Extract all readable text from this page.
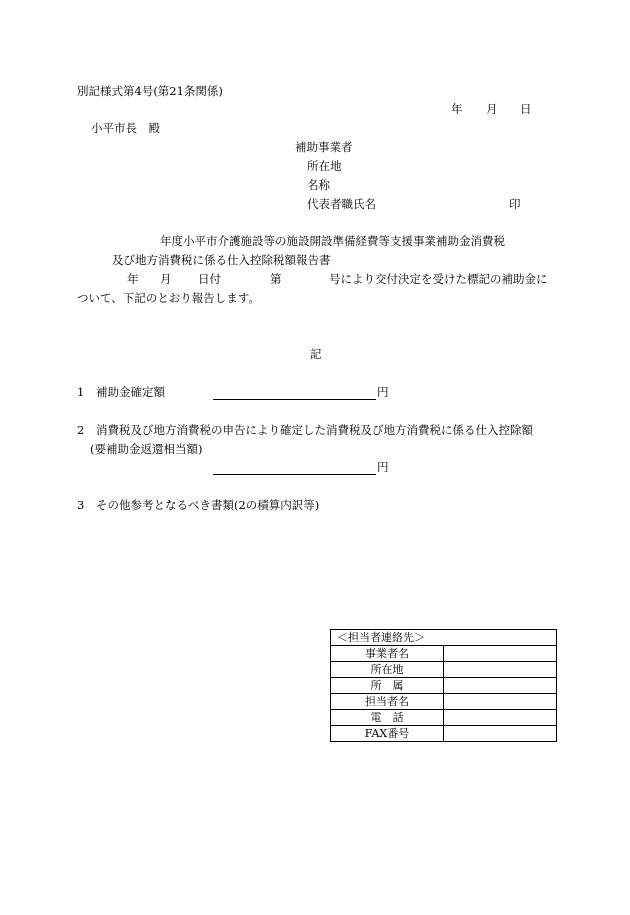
別記様式第4号(第21条関係)
年 月 日
小平市長　殿
補助事業者
所在地
名称
代表者職氏名	印
年度小平市介護施設等の施設開設準備経費等支援事業補助金消費税
及び地方消費税に係る仕入控除税額報告書
年 月 日付	第	号により交付決定を受けた標記の補助金に
ついて、下記のとおり報告します。
記
1 補助金確定額	円
2 消費税及び地方消費税の申告により確定した消費税及び地方消費税に係る仕入控除額
(要補助金返還相当額)
円
3 その他参考となるべき書類(2の積算内訳等)
＜担当者連絡先＞	
事業者名	
所在地	
所　属	
担当者名	
電　話	
FAX番号	
